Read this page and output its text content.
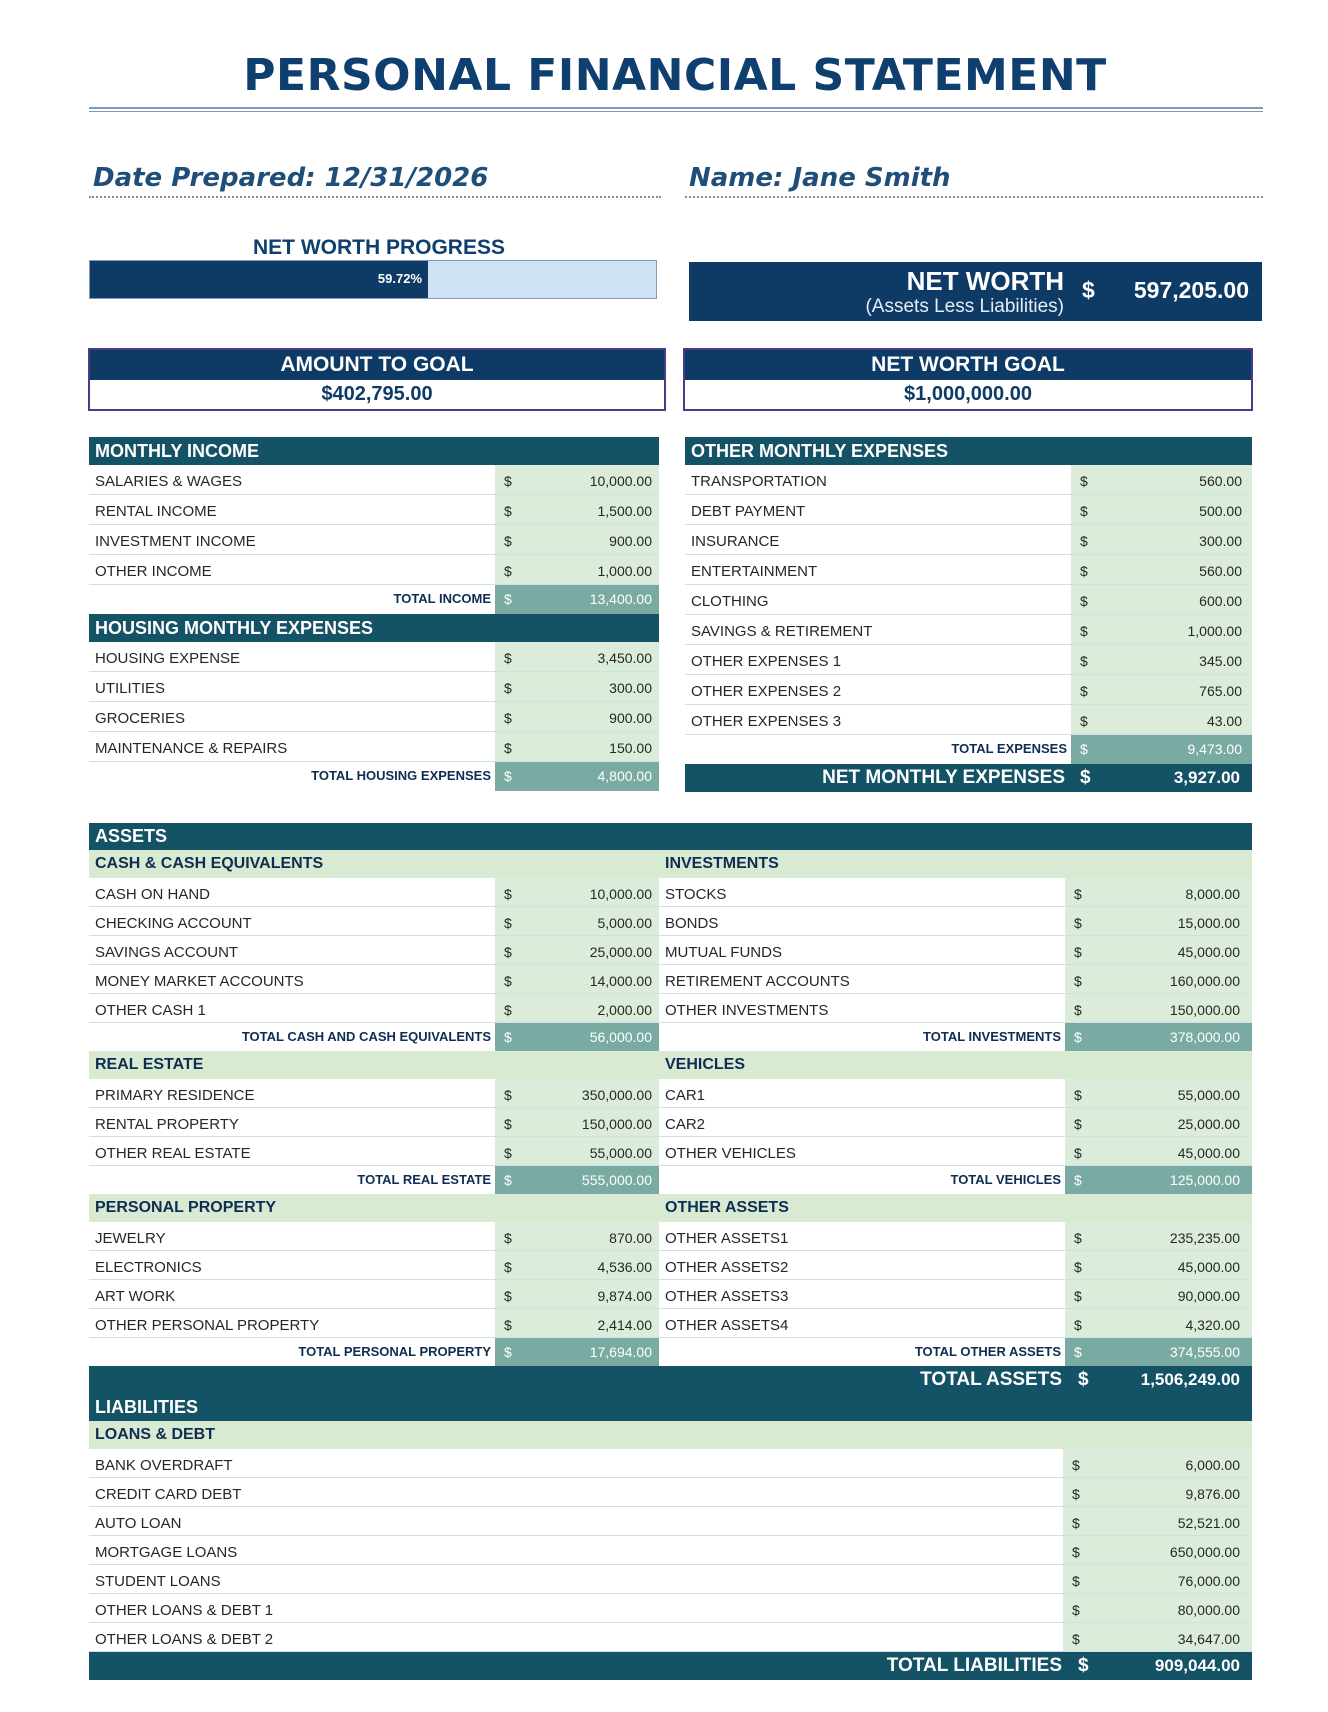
PERSONAL FINANCIAL STATEMENT
Date Prepared: 12/31/2026	Name: Jane Smith
NET WORTH PROGRESS
59.72%	NET WORTH
(Assets Less Liabilities)
$ 597,205.00
AMOUNT TO GOAL
$402,795.00
NET WORTH GOAL
$1,000,000.00
MONTHLY INCOME
SALARIES & WAGES	$	10,000.00
RENTAL INCOME	$	1,500.00
INVESTMENT INCOME	$	900.00
OTHER INCOME	$	1,000.00
TOTAL INCOME $	13,400.00
HOUSING MONTHLY EXPENSES
HOUSING EXPENSE	$	3,450.00
UTILITIES	$	300.00
GROCERIES	$	900.00
MAINTENANCE & REPAIRS	$	150.00
TOTAL HOUSING EXPENSES $	4,800.00
OTHER MONTHLY EXPENSES
TRANSPORTATION	$	560.00
DEBT PAYMENT	$	500.00
INSURANCE	$	300.00
ENTERTAINMENT	$	560.00
CLOTHING	$	600.00
SAVINGS & RETIREMENT	$	1,000.00
OTHER EXPENSES 1	$	345.00
OTHER EXPENSES 2	$	765.00
OTHER EXPENSES 3	$	43.00
TOTAL EXPENSES $	9,473.00
NET MONTHLY EXPENSES $	3,927.00
ASSETS
CASH & CASH EQUIVALENTS
CASH ON HAND	$	10,000.00
CHECKING ACCOUNT	$	5,000.00
SAVINGS ACCOUNT	$	25,000.00
MONEY MARKET ACCOUNTS	$	14,000.00
OTHER CASH 1	$	2,000.00
TOTAL CASH AND CASH EQUIVALENTS $	56,000.00
INVESTMENTS
STOCKS	$	8,000.00
BONDS	$	15,000.00
MUTUAL FUNDS	$	45,000.00
RETIREMENT ACCOUNTS	$	160,000.00
OTHER INVESTMENTS	$	150,000.00
TOTAL INVESTMENTS $	378,000.00
REAL ESTATE
PRIMARY RESIDENCE	$	350,000.00
RENTAL PROPERTY	$	150,000.00
OTHER REAL ESTATE	$	55,000.00
TOTAL REAL ESTATE $	555,000.00
VEHICLES
CAR1	$	55,000.00
CAR2	$	25,000.00
OTHER VEHICLES	$	45,000.00
TOTAL VEHICLES $	125,000.00
PERSONAL PROPERTY
JEWELRY	$	870.00
ELECTRONICS	$	4,536.00
ART WORK	$	9,874.00
OTHER PERSONAL PROPERTY	$	2,414.00
TOTAL PERSONAL PROPERTY $	17,694.00
OTHER ASSETS
OTHER ASSETS1	$	235,235.00
OTHER ASSETS2	$	45,000.00
OTHER ASSETS3	$	90,000.00
OTHER ASSETS4	$	4,320.00
TOTAL OTHER ASSETS $	374,555.00
TOTAL ASSETS $	1,506,249.00
LIABILITIES
LOANS & DEBT
BANK OVERDRAFT	$	6,000.00
CREDIT CARD DEBT	$	9,876.00
AUTO LOAN	$	52,521.00
MORTGAGE LOANS	$	650,000.00
STUDENT LOANS	$	76,000.00
OTHER LOANS & DEBT 1	$	80,000.00
OTHER LOANS & DEBT 2	$	34,647.00
TOTAL LIABILITIES $	909,044.00
